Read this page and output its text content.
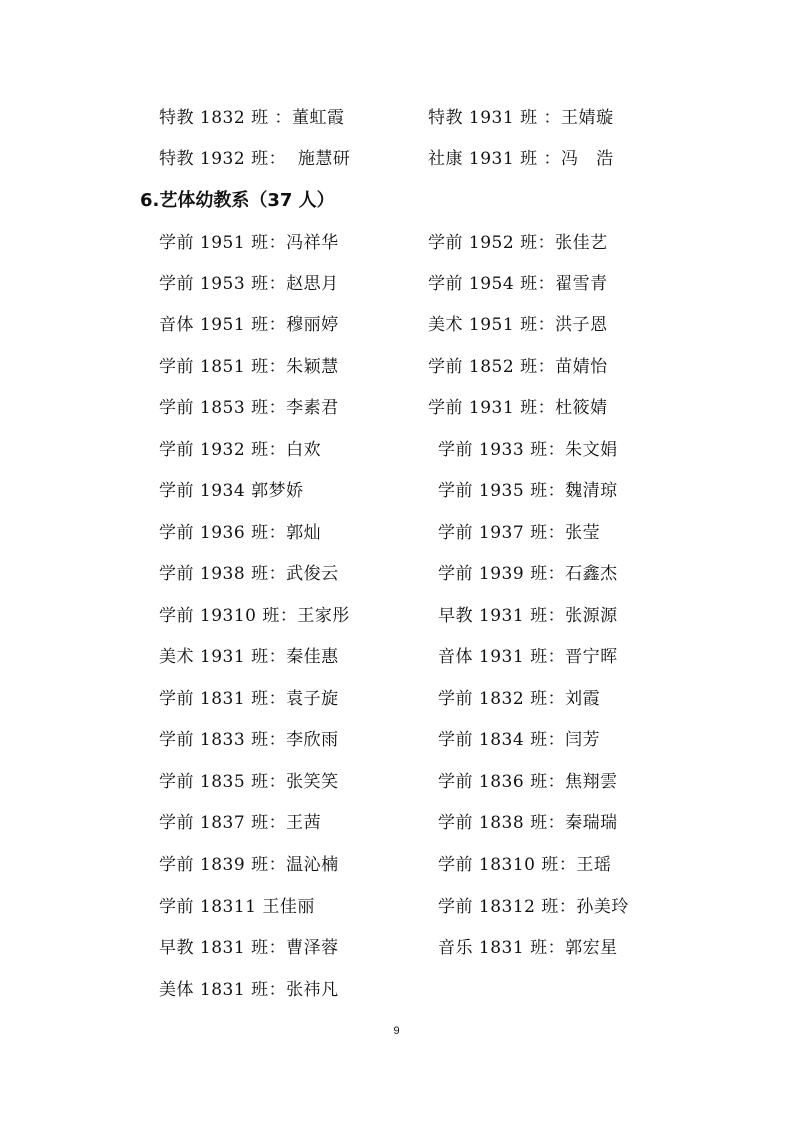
特教 1832 班 ：董虹霞	特教 1931 班 ：王婧璇
特教 1932 班：  施慧研	社康 1931 班 ：冯   浩
6.艺体幼教系（37 人）
学前 1951 班：冯祥华	学前 1952 班：张佳艺
学前 1953 班：赵思月	学前 1954 班：翟雪青
音体 1951 班：穆丽婷	美术 1951 班：洪子恩
学前 1851 班：朱颖慧	学前 1852 班：苗婧怡
学前 1853 班：李素君	学前 1931 班：杜筱婧
学前 1932 班：白欢	学前 1933 班：朱文娟
学前 1934 郭梦娇	学前 1935 班：魏清琼
学前 1936 班：郭灿	学前 1937 班：张莹
学前 1938 班：武俊云	学前 1939 班：石鑫杰
学前 19310 班：王家彤	早教 1931 班：张源源
美术 1931 班：秦佳惠	音体 1931 班：晋宁晖
学前 1831 班：袁子旋	学前 1832 班：刘霞
学前 1833 班：李欣雨	学前 1834 班：闫芳
学前 1835 班：张笑笑	学前 1836 班：焦翔雲
学前 1837 班：王茜	学前 1838 班：秦瑞瑞
学前 1839 班：温沁楠	学前 18310 班：王瑶
学前 18311 王佳丽	学前 18312 班：孙美玲
早教 1831 班：曹泽蓉	音乐 1831 班：郭宏星
美体 1831 班：张祎凡
9
